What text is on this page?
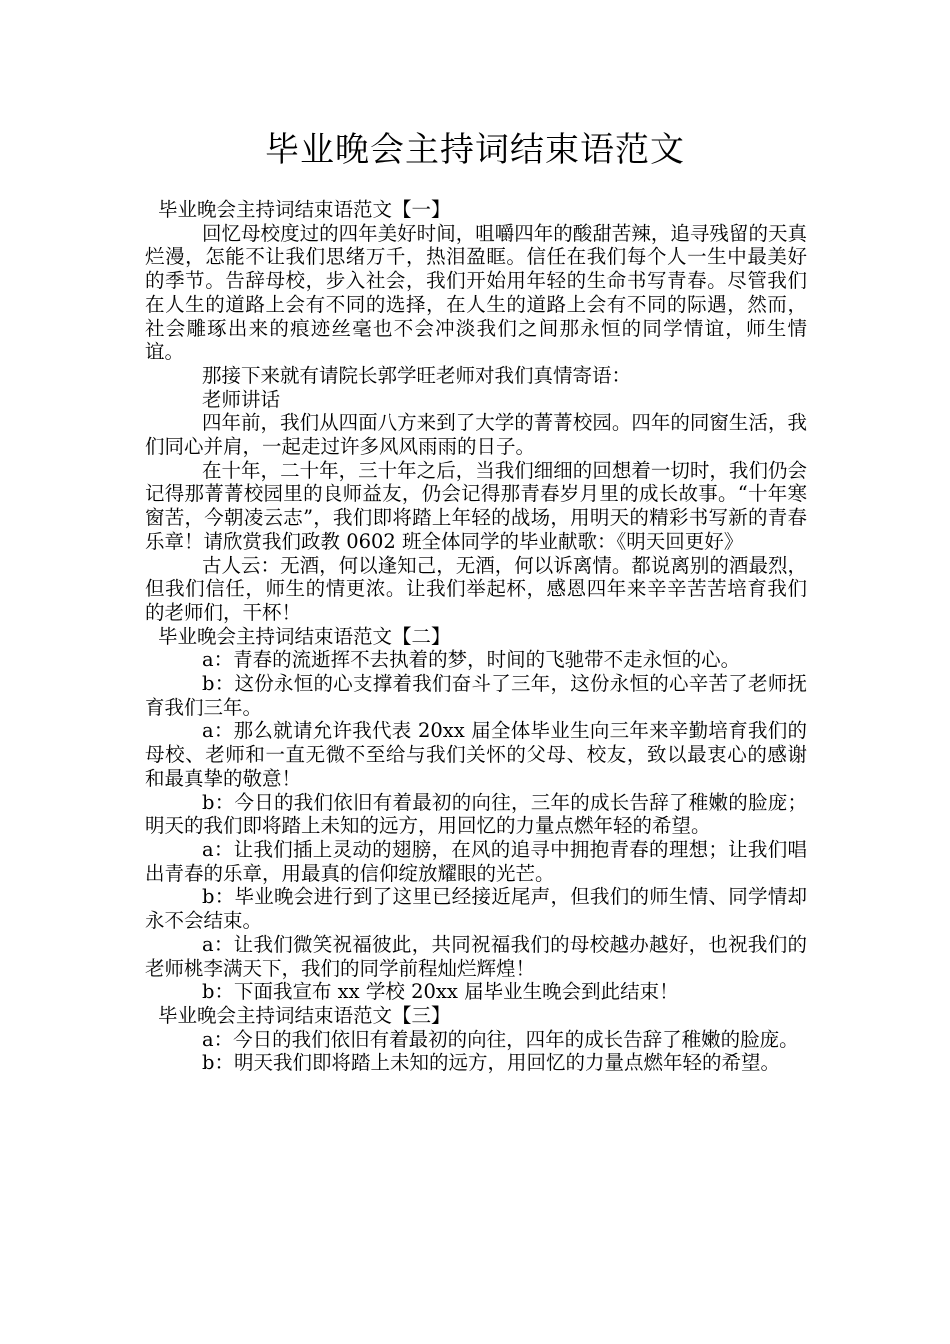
毕业晚会主持词结束语范文

毕业晚会主持词结束语范文【一】

回忆母校度过的四年美好时间，咀嚼四年的酸甜苦辣，追寻残留的天真烂漫，怎能不让我们思绪万千，热泪盈眶。信任在我们每个人一生中最美好的季节。告辞母校，步入社会，我们开始用年轻的生命书写青春。尽管我们在人生的道路上会有不同的选择，在人生的道路上会有不同的际遇，然而，社会雕琢出来的痕迹丝毫也不会冲淡我们之间那永恒的同学情谊，师生情谊。

那接下来就有请院长郭学旺老师对我们真情寄语：

老师讲话

四年前，我们从四面八方来到了大学的菁菁校园。四年的同窗生活，我们同心并肩，一起走过许多风风雨雨的日子。

在十年，二十年，三十年之后，当我们细细的回想着一切时，我们仍会记得那菁菁校园里的良师益友，仍会记得那青春岁月里的成长故事。“十年寒窗苦，今朝凌云志”，我们即将踏上年轻的战场，用明天的精彩书写新的青春乐章！请欣赏我们政教 0602 班全体同学的毕业献歌：《明天回更好》

古人云：无酒，何以逢知己，无酒，何以诉离情。都说离别的酒最烈，但我们信任，师生的情更浓。让我们举起杯，感恩四年来辛辛苦苦培育我们的老师们，干杯！

毕业晚会主持词结束语范文【二】

a：青春的流逝挥不去执着的梦，时间的飞驰带不走永恒的心。

b：这份永恒的心支撑着我们奋斗了三年，这份永恒的心辛苦了老师抚育我们三年。

a：那么就请允许我代表 20xx 届全体毕业生向三年来辛勤培育我们的母校、老师和一直无微不至给与我们关怀的父母、校友，致以最衷心的感谢和最真挚的敬意！

b：今日的我们依旧有着最初的向往，三年的成长告辞了稚嫩的脸庞；明天的我们即将踏上未知的远方，用回忆的力量点燃年轻的希望。

a：让我们插上灵动的翅膀，在风的追寻中拥抱青春的理想；让我们唱出青春的乐章，用最真的信仰绽放耀眼的光芒。

b：毕业晚会进行到了这里已经接近尾声，但我们的师生情、同学情却永不会结束。

a：让我们微笑祝福彼此，共同祝福我们的母校越办越好，也祝我们的老师桃李满天下，我们的同学前程灿烂辉煌！

b：下面我宣布 xx 学校 20xx 届毕业生晚会到此结束！

毕业晚会主持词结束语范文【三】

a：今日的我们依旧有着最初的向往，四年的成长告辞了稚嫩的脸庞。

b：明天我们即将踏上未知的远方，用回忆的力量点燃年轻的希望。
